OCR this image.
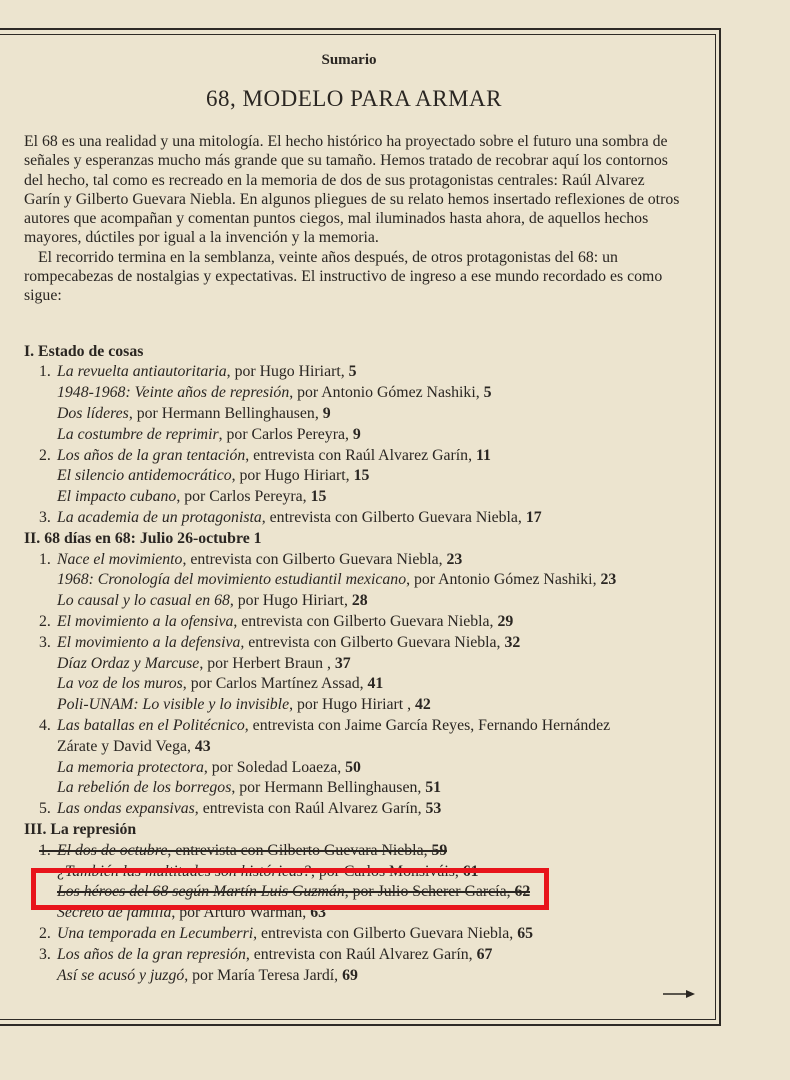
Sumario
68, MODELO PARA ARMAR

El 68 es una realidad y una mitología. El hecho histórico ha proyectado sobre el futuro una sombra de señales y esperanzas mucho más grande que su tamaño. Hemos tratado de recobrar aquí los contornos del hecho, tal como es recreado en la memoria de dos de sus protagonistas centrales: Raúl Alvarez Garín y Gilberto Guevara Niebla. En algunos pliegues de su relato hemos insertado reflexiones de otros autores que acompañan y comentan puntos ciegos, mal iluminados hasta ahora, de aquellos hechos mayores, dúctiles por igual a la invención y la memoria.

El recorrido termina en la semblanza, veinte años después, de otros protagonistas del 68: un rompecabezas de nostalgias y expectativas. El instructivo de ingreso a ese mundo recordado es como sigue:

I. Estado de cosas
1. La revuelta antiautoritaria, por Hugo Hiriart, 5
1948-1968: Veinte años de represión, por Antonio Gómez Nashiki, 5
Dos líderes, por Hermann Bellinghausen, 9
La costumbre de reprimir, por Carlos Pereyra, 9
2. Los años de la gran tentación, entrevista con Raúl Alvarez Garín, 11
El silencio antidemocrático, por Hugo Hiriart, 15
El impacto cubano, por Carlos Pereyra, 15
3. La academia de un protagonista, entrevista con Gilberto Guevara Niebla, 17
II. 68 días en 68: Julio 26-octubre 1
1. Nace el movimiento, entrevista con Gilberto Guevara Niebla, 23
1968: Cronología del movimiento estudiantil mexicano, por Antonio Gómez Nashiki, 23
Lo causal y lo casual en 68, por Hugo Hiriart, 28
2. El movimiento a la ofensiva, entrevista con Gilberto Guevara Niebla, 29
3. El movimiento a la defensiva, entrevista con Gilberto Guevara Niebla, 32
Díaz Ordaz y Marcuse, por Herbert Braun , 37
La voz de los muros, por Carlos Martínez Assad, 41
Poli-UNAM: Lo visible y lo invisible, por Hugo Hiriart , 42
4. Las batallas en el Politécnico, entrevista con Jaime García Reyes, Fernando Hernández
Zárate y David Vega, 43
La memoria protectora, por Soledad Loaeza, 50
La rebelión de los borregos, por Hermann Bellinghausen, 51
5. Las ondas expansivas, entrevista con Raúl Alvarez Garín, 53
III. La represión
1. El dos de octubre, entrevista con Gilberto Guevara Niebla, 59
¿También las multitudes son históricas?, por Carlos Monsiváis, 61
Los héroes del 68 según Martín Luis Guzmán, por Julio Scherer García, 62
Secreto de familia, por Arturo Warman, 63
2. Una temporada en Lecumberri, entrevista con Gilberto Guevara Niebla, 65
3. Los años de la gran represión, entrevista con Raúl Alvarez Garín, 67
Así se acusó y juzgó, por María Teresa Jardí, 69
